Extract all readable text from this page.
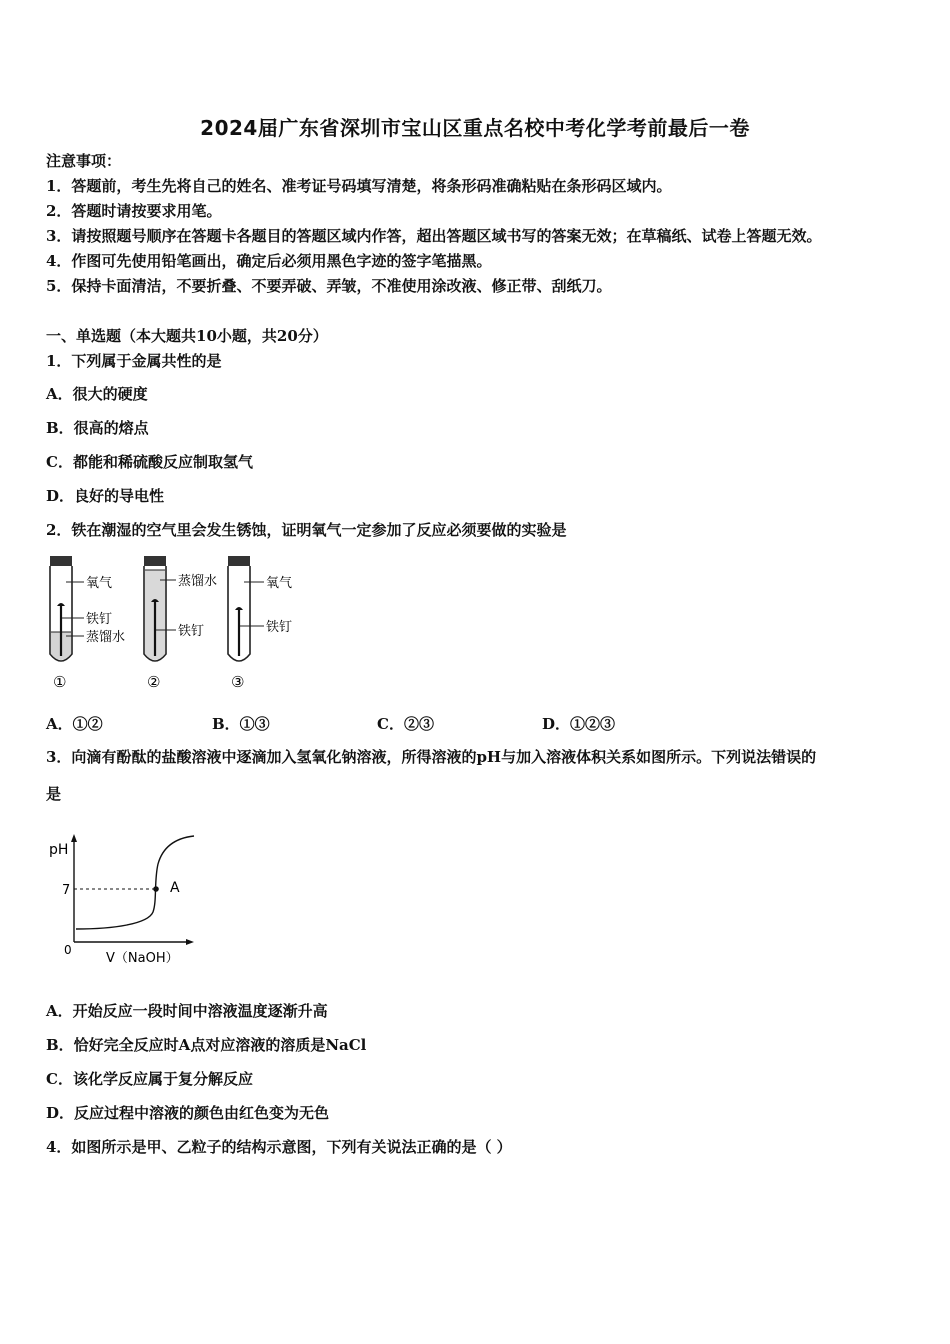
2024届广东省深圳市宝山区重点名校中考化学考前最后一卷
注意事项：
1．答题前，考生先将自己的姓名、准考证号码填写清楚，将条形码准确粘贴在条形码区域内。
2．答题时请按要求用笔。
3．请按照题号顺序在答题卡各题目的答题区域内作答，超出答题区域书写的答案无效；在草稿纸、试卷上答题无效。
4．作图可先使用铅笔画出，确定后必须用黑色字迹的签字笔描黑。
5．保持卡面清洁，不要折叠、不要弄破、弄皱，不准使用涂改液、修正带、刮纸刀。
一、单选题（本大题共10小题，共20分）
1．下列属于金属共性的是
A．很大的硬度
B．很高的熔点
C．都能和稀硫酸反应制取氢气
D．良好的导电性
2．铁在潮湿的空气里会发生锈蚀，证明氧气一定参加了反应必须要做的实验是
氧气
铁钉
蒸馏水
①
蒸馏水
铁钉
②
氧气
铁钉
③
A．①②	B．①③	C．②③	D．①②③
3．向滴有酚酞的盐酸溶液中逐滴加入氢氧化钠溶液，所得溶液的pH与加入溶液体积关系如图所示。下列说法错误的
是
pH
7
0
V（NaOH）
A
A．开始反应一段时间中溶液温度逐渐升高
B．恰好完全反应时A点对应溶液的溶质是NaCl
C．该化学反应属于复分解反应
D．反应过程中溶液的颜色由红色变为无色
4．如图所示是甲、乙粒子的结构示意图，下列有关说法正确的是（ ）
